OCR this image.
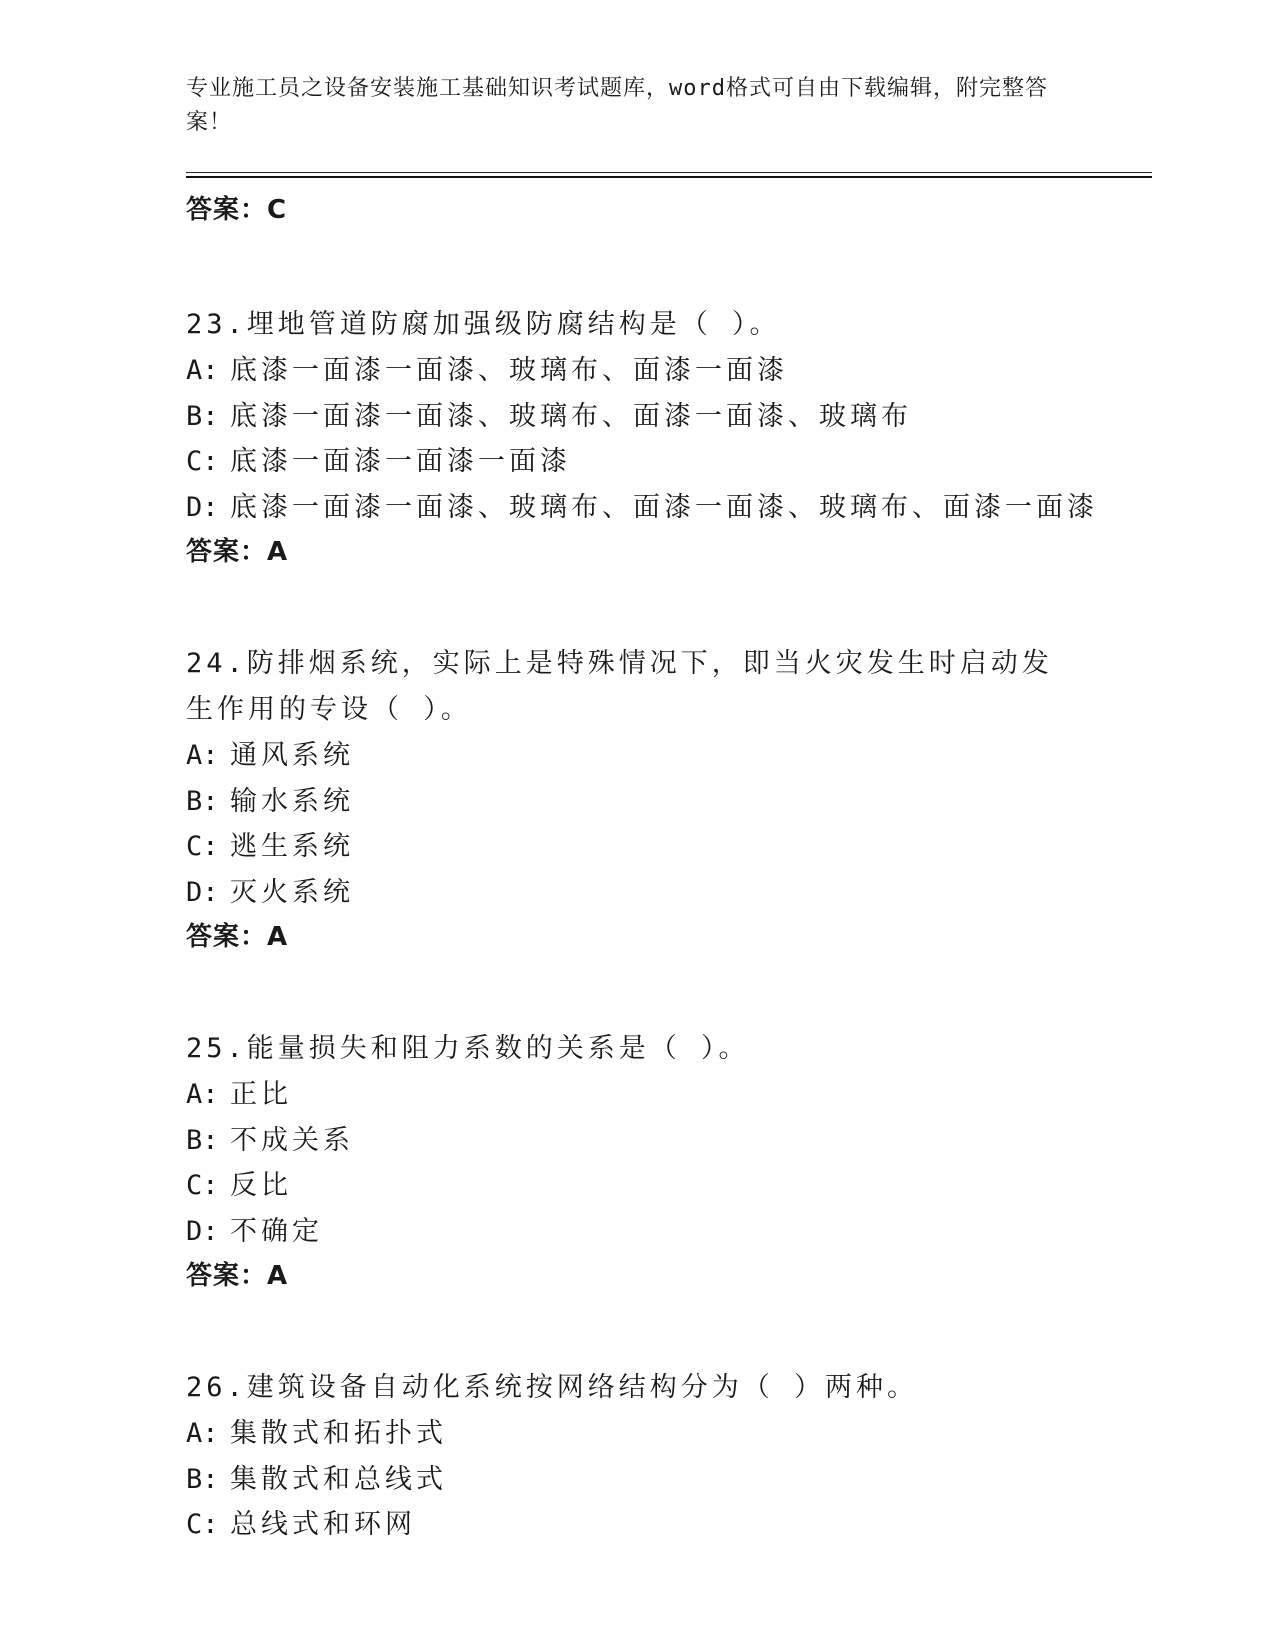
专业施工员之设备安装施工基础知识考试题库，word格式可自由下载编辑，附完整答案！
答案：C
23.埋地管道防腐加强级防腐结构是（ ）。
A: 底漆一面漆一面漆、玻璃布、面漆一面漆
B: 底漆一面漆一面漆、玻璃布、面漆一面漆、玻璃布
C: 底漆一面漆一面漆一面漆
D: 底漆一面漆一面漆、玻璃布、面漆一面漆、玻璃布、面漆一面漆
答案：A
24.防排烟系统，实际上是特殊情况下，即当火灾发生时启动发生作用的专设（ ）。
A: 通风系统
B: 输水系统
C: 逃生系统
D: 灭火系统
答案：A
25.能量损失和阻力系数的关系是（ ）。
A: 正比
B: 不成关系
C: 反比
D: 不确定
答案：A
26.建筑设备自动化系统按网络结构分为（ ）两种。
A: 集散式和拓扑式
B: 集散式和总线式
C: 总线式和环网
